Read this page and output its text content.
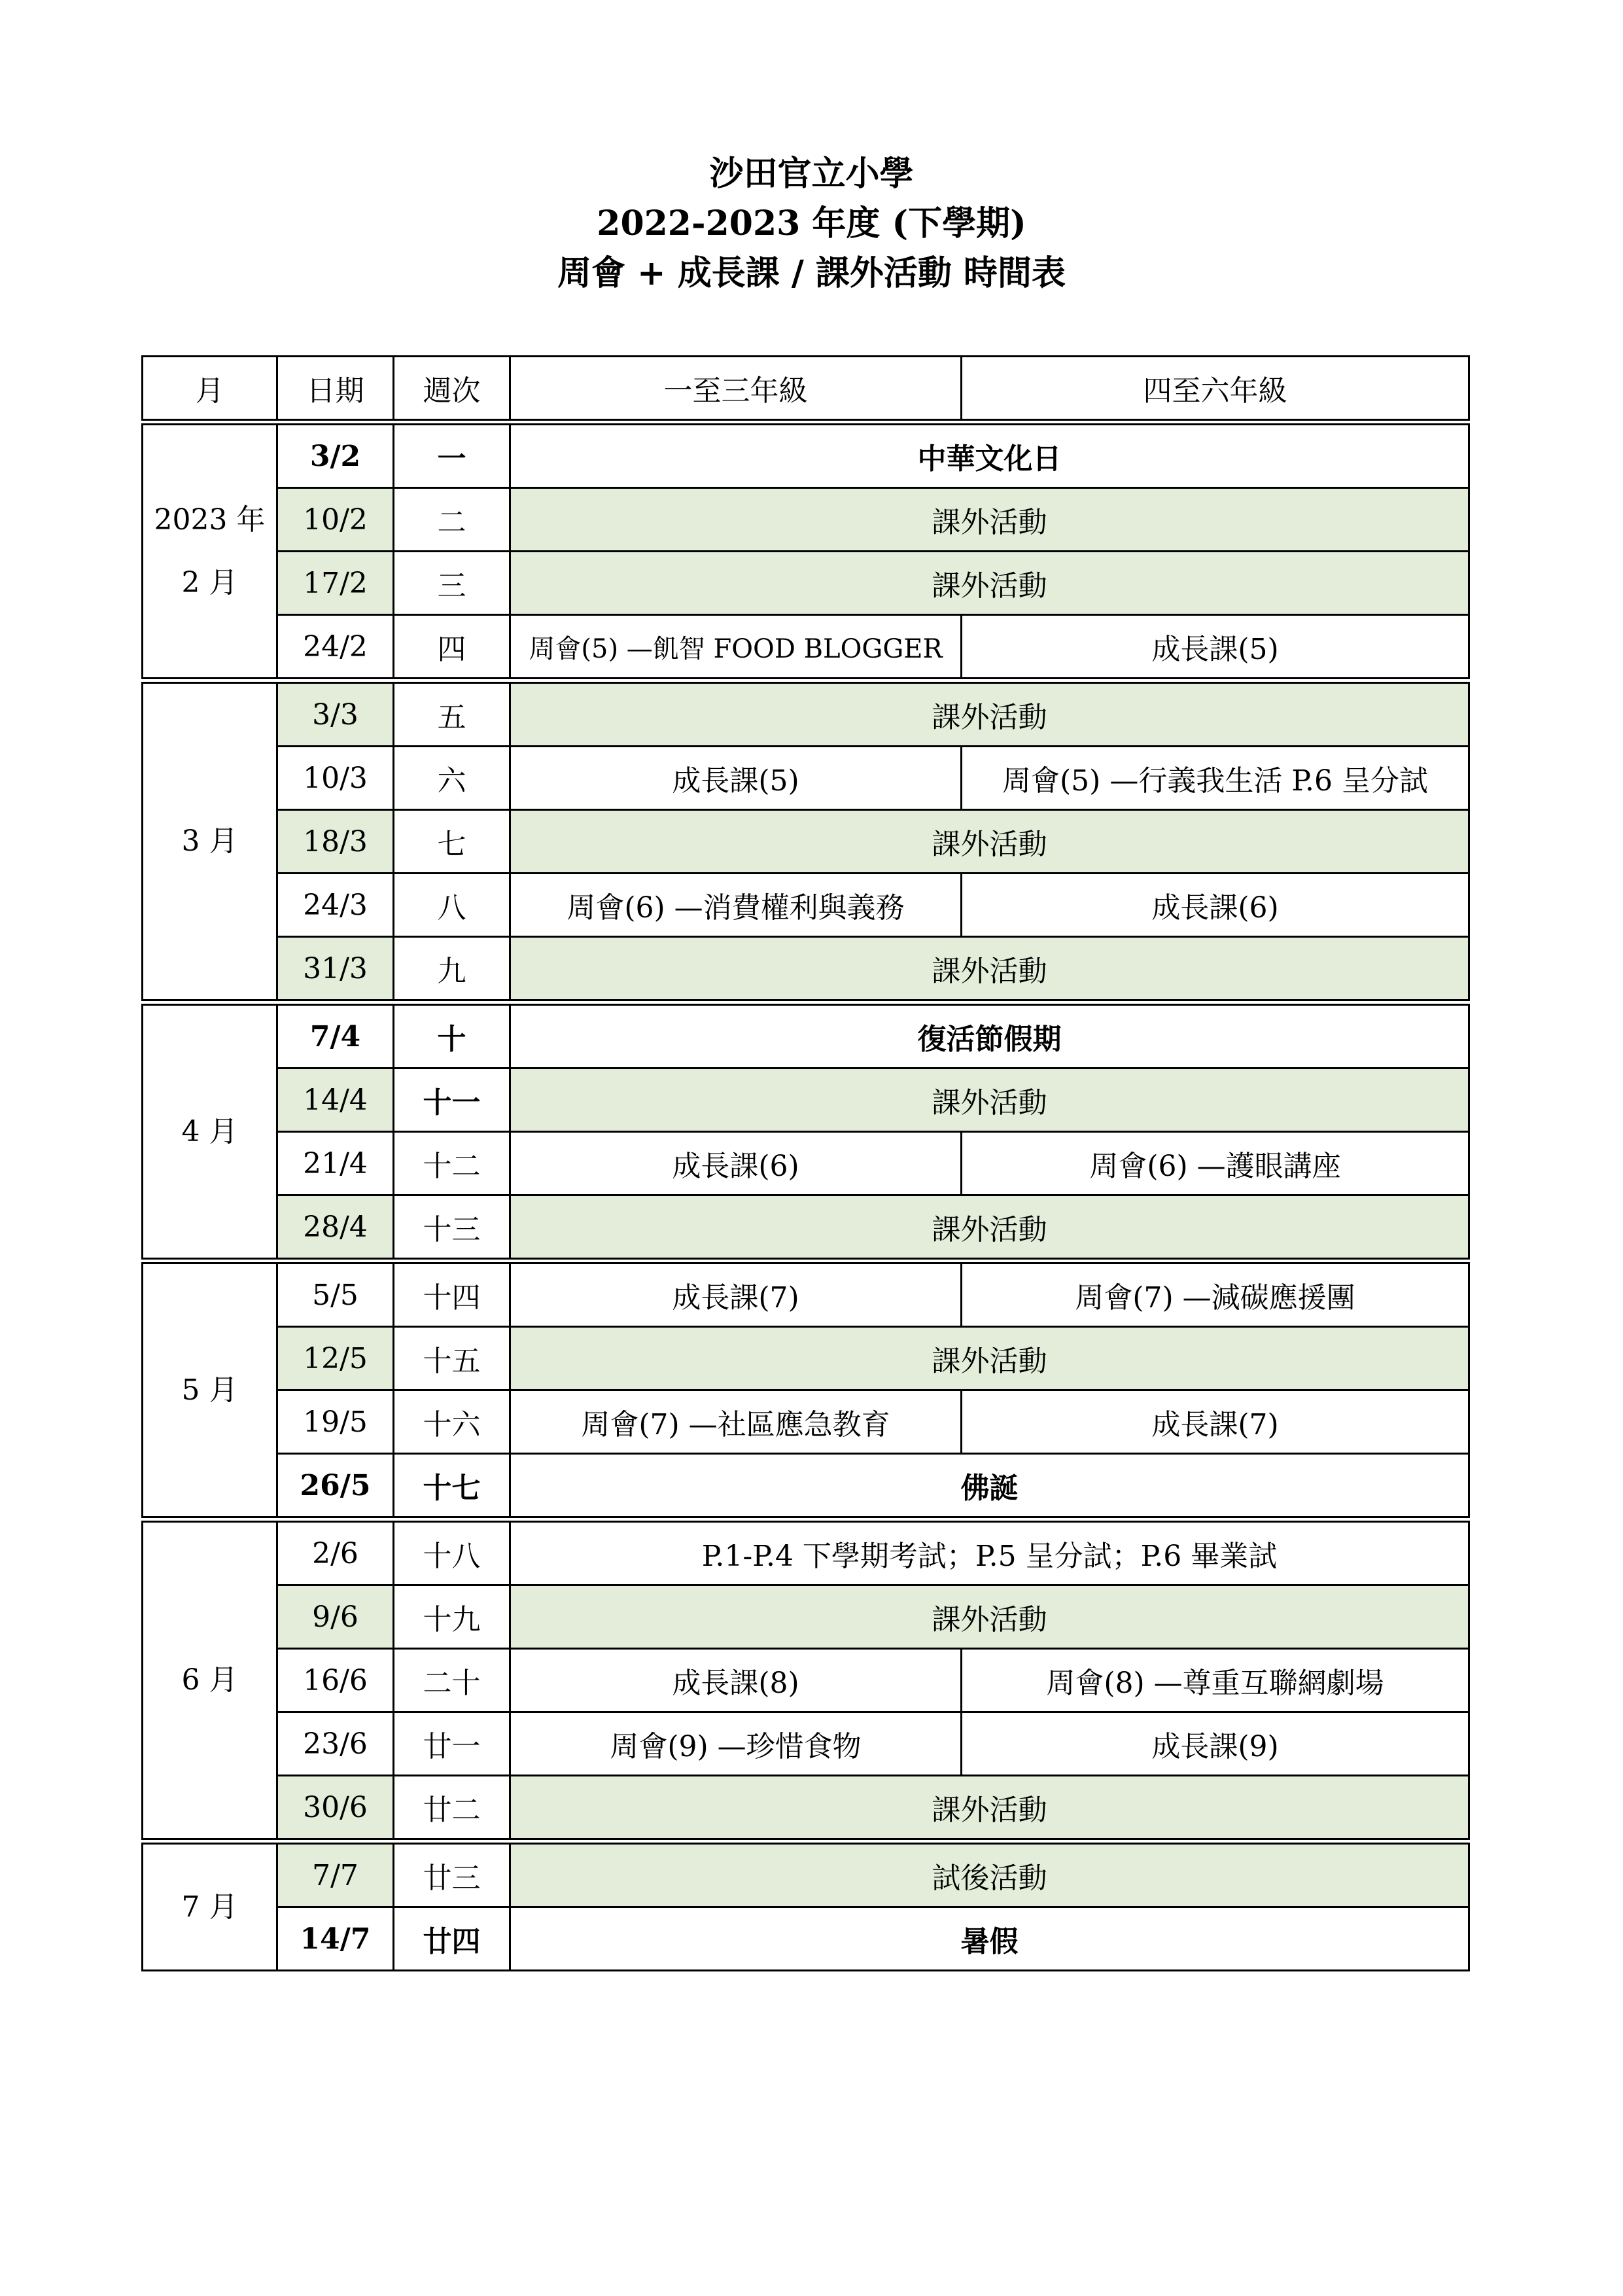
沙田官立小學
2022-2023 年度 (下學期)
周會 + 成長課 / 課外活動 時間表
月	日期	週次	一至三年級	四至六年級

2023 年
2 月	3/2	一	中華文化日	
	10/2	二	課外活動	
	17/2	三	課外活動	
	24/2	四	周會(5) —飢智 FOOD BLOGGER	成長課(5)

3 月	3/3	五	課外活動	
	10/3	六	成長課(5)	周會(5) —行義我生活 P.6 呈分試
	18/3	七	課外活動	
	24/3	八	周會(6) —消費權利與義務	成長課(6)
	31/3	九	課外活動	

4 月	7/4	十	復活節假期	
	14/4	十一	課外活動	
	21/4	十二	成長課(6)	周會(6) —護眼講座
	28/4	十三	課外活動	

5 月	5/5	十四	成長課(7)	周會(7) —減碳應援團
	12/5	十五	課外活動	
	19/5	十六	周會(7) —社區應急教育	成長課(7)
	26/5	十七	佛誕	

6 月	2/6	十八	P.1-P.4 下學期考試；P.5 呈分試；P.6 畢業試	
	9/6	十九	課外活動	
	16/6	二十	成長課(8)	周會(8) —尊重互聯網劇場
	23/6	廿一	周會(9) —珍惜食物	成長課(9)
	30/6	廿二	課外活動	

7 月	7/7	廿三	試後活動	
	14/7	廿四	暑假	
